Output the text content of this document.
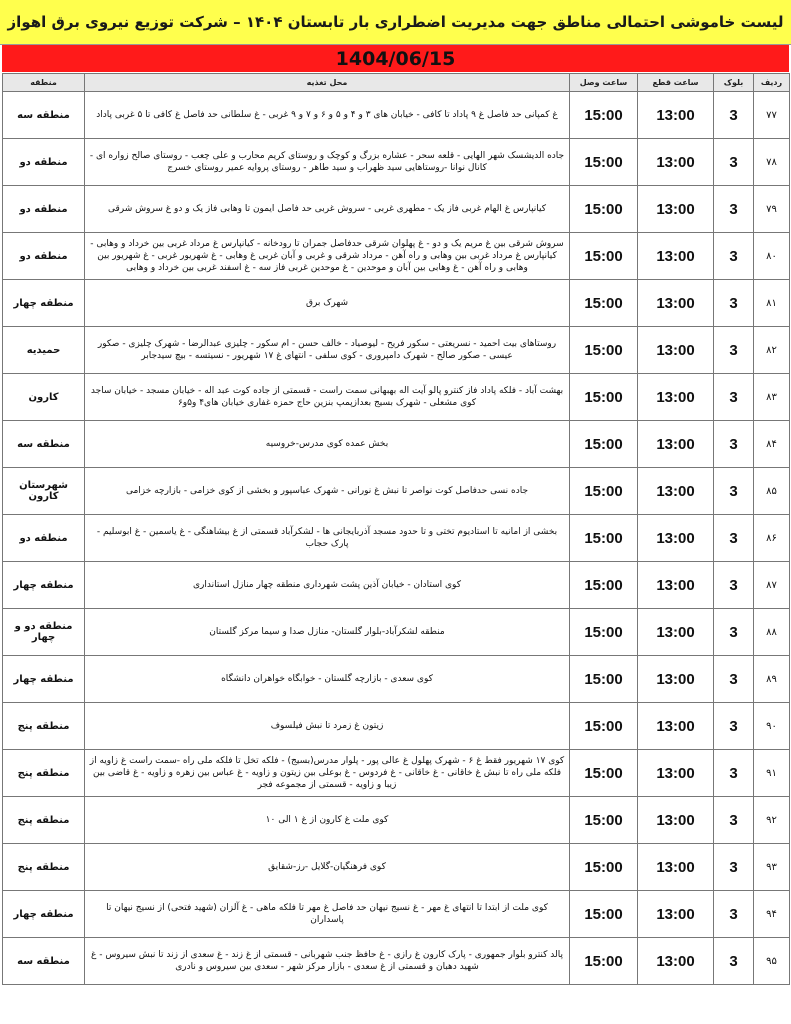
لیست خاموشی احتمالی مناطق جهت مدیریت اضطراری بار تابستان ۱۴۰۴ – شرکت توزیع نیروی برق اهواز
1404/06/15
ردیف	بلوک	ساعت قطع	ساعت وصل	محل تغذیه	منطقه
۷۷	3	13:00	15:00	غ کمپانی حد فاصل غ ۹ پاداد تا کافی - خیابان های ۳ و ۴ و ۵ و ۶ و ۷ و ۹ غربی - غ سلطانی حد فاصل غ کافی تا ۵ غربی پاداد	منطقه سه
۷۸	3	13:00	15:00	جاده الدیشسک شهر الهایی - قلعه سحر - عشاره بزرگ و کوچک و روستای کریم محارب و علی چعب - روستای صالح زواره ای - کانال نوانا -روستاهایی سید ظهراب و سید طاهر - روستای پروایه عمیر روستای خسرج	منطقه دو
۷۹	3	13:00	15:00	کیانپارس غ الهام غربی فاز یک - مطهری غربی - سروش غربی حد فاصل ایمون تا وهابی فاز یک و دو غ سروش شرقی	منطقه دو
۸۰	3	13:00	15:00	سروش شرقی بین غ مریم یک و دو - غ پهلوان شرقی حدفاصل جمران تا رودخانه - کیانپارس غ مرداد غربی بین خرداد و وهابی - کیانپارس غ مرداد غربی بین وهابی و راه آهن - مرداد شرقی و غربی و آبان غربی غ وهابی - غ شهریور غربی - غ شهریور بین وهابی و راه آهن - غ وهابی بین آبان و موحدین - غ موحدین غربی فاز سه - غ اسفند غربی بین خرداد و وهابی	منطقه دو
۸۱	3	13:00	15:00	شهرک برق	منطقه چهار
۸۲	3	13:00	15:00	روستاهای بیت احمید - نسریعتی - سکور فریح - لیوصیاد - خالف حسن - ام سکور - چلیزی عبدالرضا - شهرک چلیزی - صکور عیسی - صکور صالح - شهرک دامپروری - کوی سلفی - انتهای غ ۱۷ شهریور - نسیتسه - بیچ سیدجابر	حمیدیه
۸۳	3	13:00	15:00	بهشت آباد - فلکه پاداد فاز کنترو پالو آیت اله بهبهانی سمت راست - قسمتی از جاده کوت عبد اله - خیابان مسجد - خیابان ساجد کوی مشعلی - شهرک بسیج بعدازپمپ بنزین حاج حمزه غفاری خیابان های۴ و۵و۶	کارون
۸۴	3	13:00	15:00	بخش عمده کوی مدرس-خروسیه	منطقه سه
۸۵	3	13:00	15:00	جاده نسی حدفاصل کوت نواصر تا نبش غ نورانی - شهرک عباسپور و بخشی از کوی خزامی - بازارچه خزامی	شهرستان کارون
۸۶	3	13:00	15:00	بخشی از امانیه تا استادیوم تختی و تا حدود مسجد آذربایجانی ها - لشکرآباد قسمتی از غ بیشاهنگی - غ یاسمین - غ ابوسلیم - پارک حجاب	منطقه دو
۸۷	3	13:00	15:00	کوی استادان - خیابان آذین پشت شهرداری منطقه چهار منازل استانداری	منطقه چهار
۸۸	3	13:00	15:00	منطقه لشکرآباد-بلوار گلستان- منازل صدا و سیما مرکز گلستان	منطقه دو و چهار
۸۹	3	13:00	15:00	کوی سعدی - بازارچه گلستان - خوابگاه خواهران دانشگاه	منطقه چهار
۹۰	3	13:00	15:00	زیتون غ زمرد تا نبش فیلسوف	منطقه پنج
۹۱	3	13:00	15:00	کوی ۱۷ شهریور فقط غ ۶ - شهرک پهلول غ عالی پور - پلوار مدرس(بسیج) - فلکه تخل تا فلکه ملی راه -سمت راست غ زاویه از فلکه ملی راه تا نبش غ خاقانی - غ خاقانی - غ فردوس - غ بوعلی بین زیتون و زاویه - غ عباس بین زهره و زاویه - غ قاضی بین زیبا و زاویه - قسمتی از مجموعه فجر	منطقه پنج
۹۲	3	13:00	15:00	کوی ملت غ کارون از غ ۱ الی ۱۰	منطقه پنج
۹۳	3	13:00	15:00	کوی فرهنگیان-گلایل -رز-شقایق	منطقه پنج
۹۴	3	13:00	15:00	کوی ملت از ابتدا تا انتهای غ مهر - غ نسیج نیهان حد فاصل غ مهر تا فلکه ماهی - غ آلزان (شهید فتحی) از نسیج نیهان تا پاسداران	منطقه چهار
۹۵	3	13:00	15:00	پالد کنترو بلوار جمهوری - پارک کارون غ رازی - غ حافظ جنب شهربانی - قسمتی از غ زند - غ سعدی از زند تا نبش سیروس - غ شهید دهبان و قسمتی از غ سعدی - بازار مرکز شهر - سعدی بین سیروس و نادری	منطقه سه
